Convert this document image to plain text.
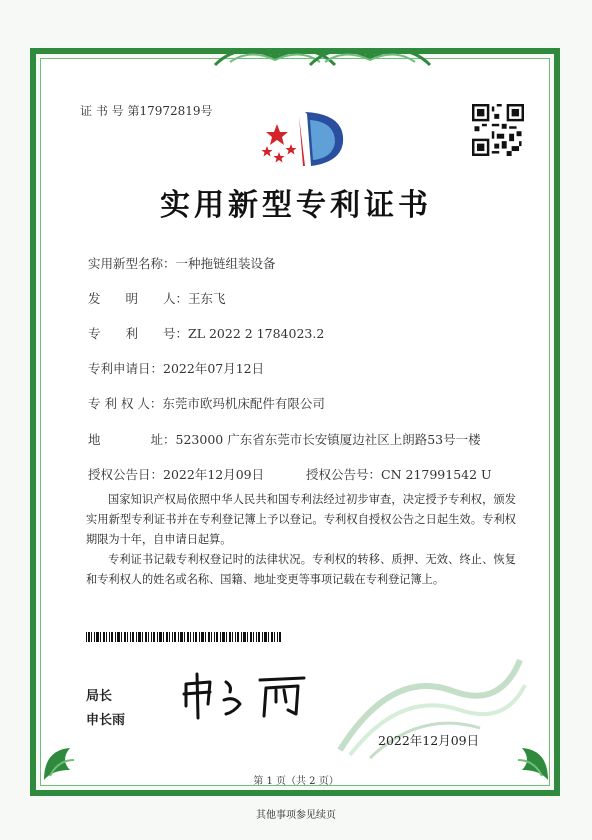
证 书 号 第17972819号
实用新型专利证书
实用新型名称：一种拖链组装设备
发　　明　　人：王东飞
专　　利　　号：ZL 2022 2 1784023.2
专利申请日：2022年07月12日
专 利 权 人：东莞市欧玛机床配件有限公司
地　　　　址：523000 广东省东莞市长安镇厦边社区上朗路53号一楼
授权公告日：2022年12月09日	授权公告号：CN 217991542 U
国家知识产权局依照中华人民共和国专利法经过初步审查，决定授予专利权，颁发实用新型专利证书并在专利登记簿上予以登记。专利权自授权公告之日起生效。专利权期限为十年，自申请日起算。
专利证书记载专利权登记时的法律状况。专利权的转移、质押、无效、终止、恢复和专利权人的姓名或名称、国籍、地址变更等事项记载在专利登记簿上。
局长
申长雨
2022年12月09日
第 1 页（共 2 页）
其他事项参见续页
